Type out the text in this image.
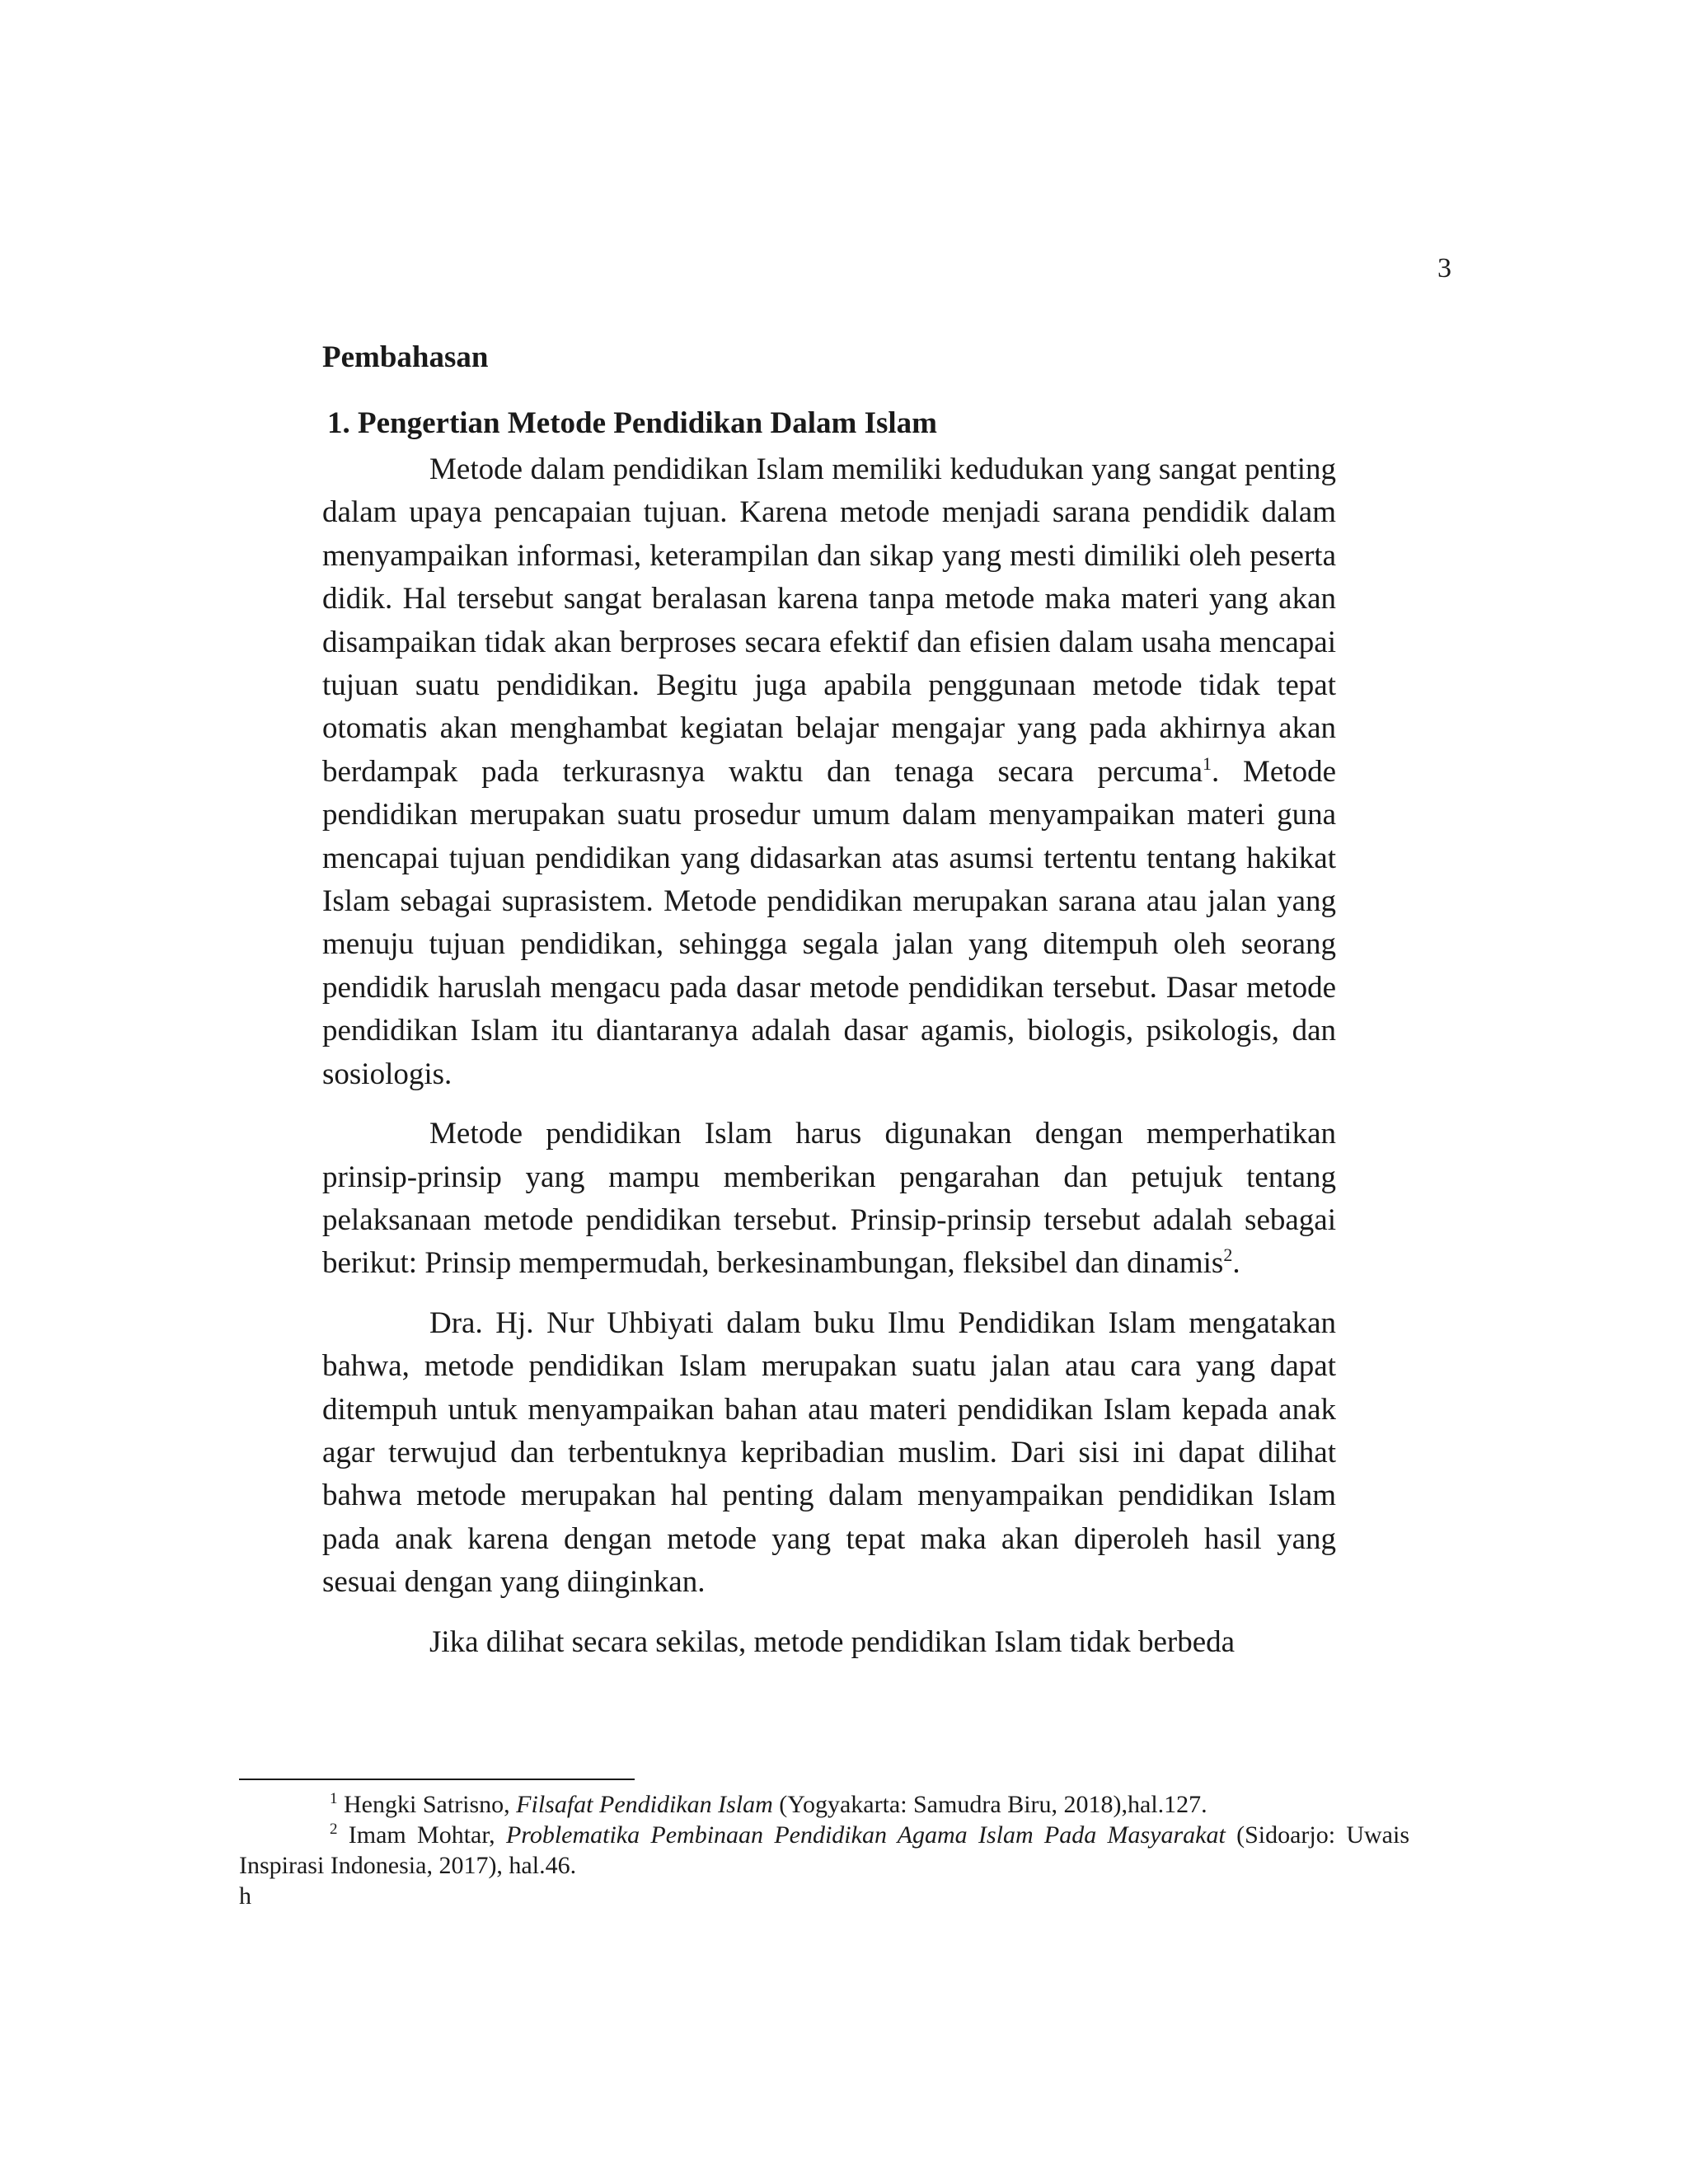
3
Pembahasan
1. Pengertian Metode Pendidikan Dalam Islam

Metode dalam pendidikan Islam memiliki kedudukan yang sangat penting dalam upaya pencapaian tujuan. Karena metode menjadi sarana pendidik dalam menyampaikan informasi, keterampilan dan sikap yang mesti dimiliki oleh peserta didik. Hal tersebut sangat beralasan karena tanpa metode maka materi yang akan disampaikan tidak akan berproses secara efektif dan efisien dalam usaha mencapai tujuan suatu pendidikan. Begitu juga apabila penggunaan metode tidak tepat otomatis akan menghambat kegiatan belajar mengajar yang pada akhirnya akan berdampak pada terkurasnya waktu dan tenaga secara percuma$^1$. Metode pendidikan merupakan suatu prosedur umum dalam menyampaikan materi guna mencapai tujuan pendidikan yang didasarkan atas asumsi tertentu tentang hakikat Islam sebagai suprasistem. Metode pendidikan merupakan sarana atau jalan yang menuju tujuan pendidikan, sehingga segala jalan yang ditempuh oleh seorang pendidik haruslah mengacu pada dasar metode pendidikan tersebut. Dasar metode pendidikan Islam itu diantaranya adalah dasar agamis, biologis, psikologis, dan sosiologis.

Metode pendidikan Islam harus digunakan dengan memperhatikan prinsip-prinsip yang mampu memberikan pengarahan dan petujuk tentang pelaksanaan metode pendidikan tersebut. Prinsip-prinsip tersebut adalah sebagai berikut: Prinsip mempermudah, berkesinambungan, fleksibel dan dinamis$^2$.

Dra. Hj. Nur Uhbiyati dalam buku Ilmu Pendidikan Islam mengatakan bahwa, metode pendidikan Islam merupakan suatu jalan atau cara yang dapat ditempuh untuk menyampaikan bahan atau materi pendidikan Islam kepada anak agar terwujud dan terbentuknya kepribadian muslim. Dari sisi ini dapat dilihat bahwa metode merupakan hal penting dalam menyampaikan pendidikan Islam pada anak karena dengan metode yang tepat maka akan diperoleh hasil yang sesuai dengan yang diinginkan.

Jika dilihat secara sekilas, metode pendidikan Islam tidak berbeda

$^1$ Hengki Satrisno, Filsafat Pendidikan Islam (Yogyakarta: Samudra Biru, 2018),hal.127.

$^2$ Imam Mohtar, Problematika Pembinaan Pendidikan Agama Islam Pada Masyarakat (Sidoarjo: Uwais Inspirasi Indonesia, 2017), hal.46.

h
